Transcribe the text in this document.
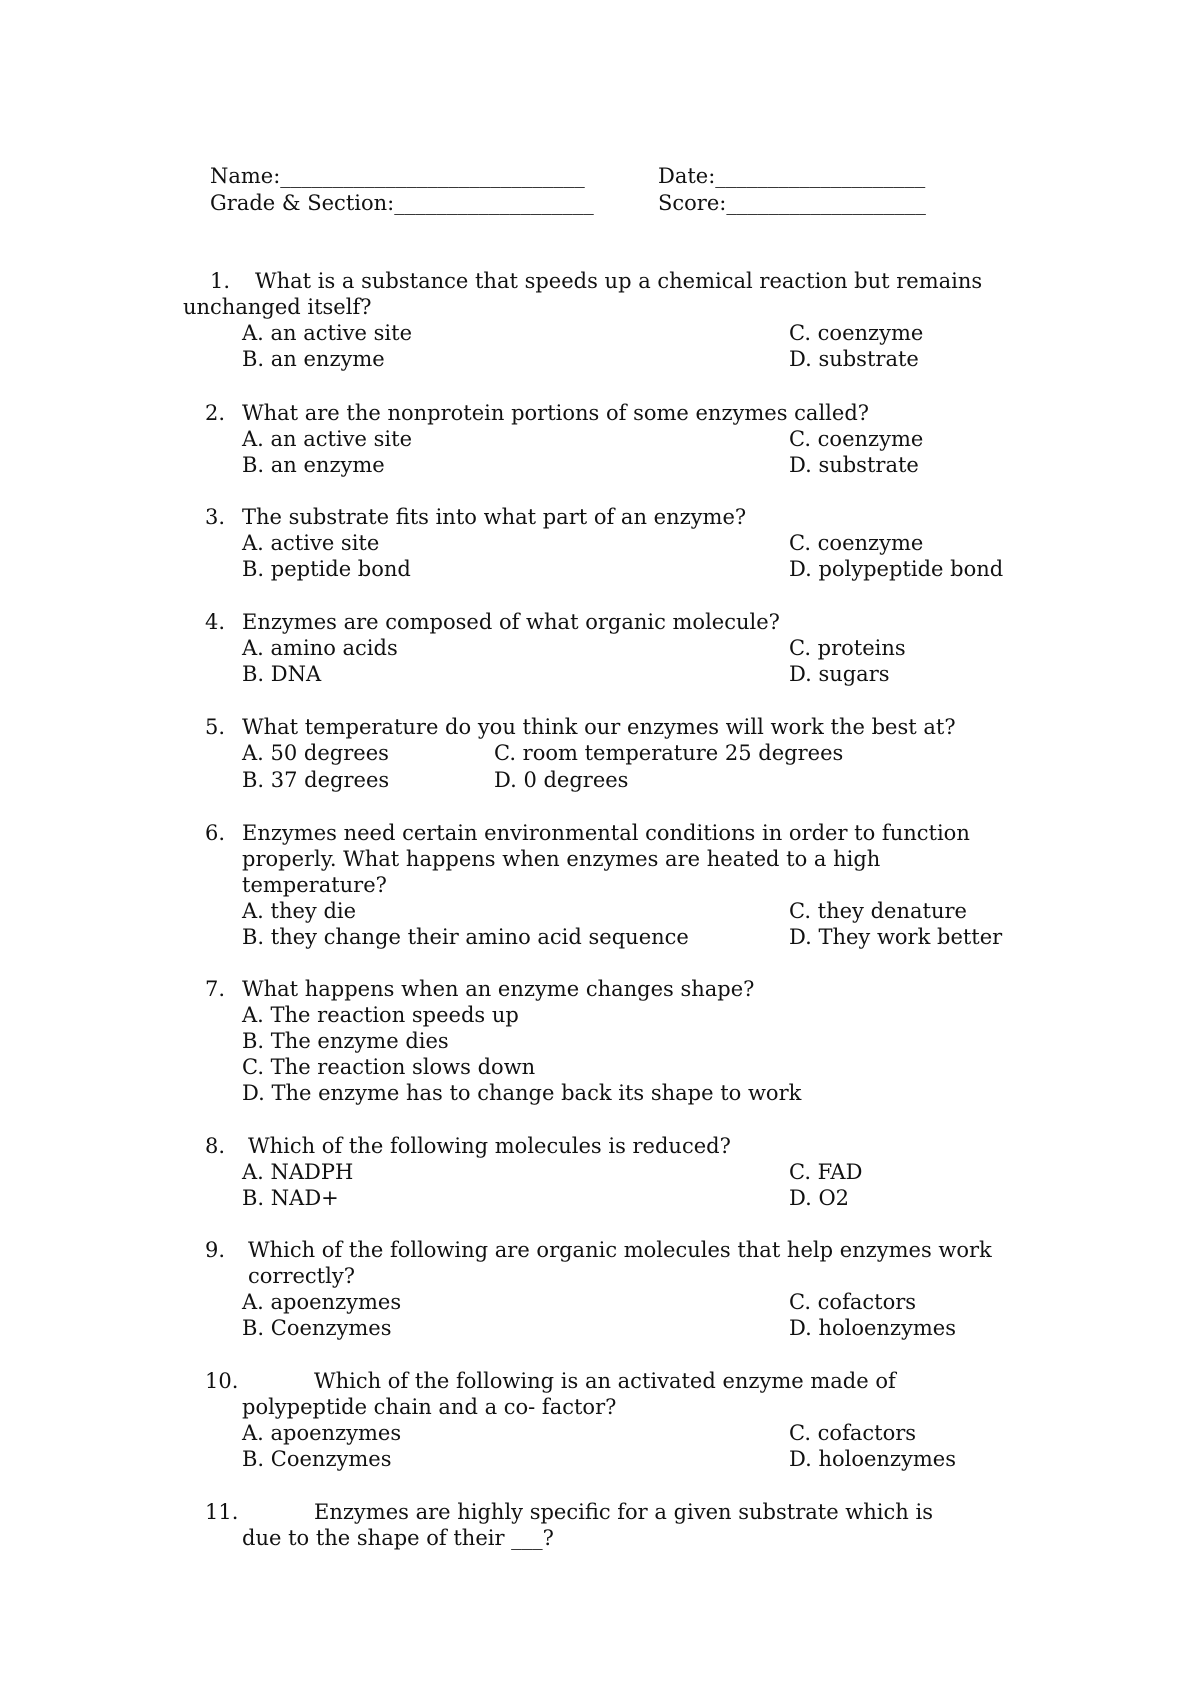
Name:_____________________________	Date:____________________
Grade & Section:___________________	Score:___________________
1. What is a substance that speeds up a chemical reaction but remains
unchanged itself?
A. an active site
B. an enzyme
C. coenzyme
D. substrate
2. What are the nonprotein portions of some enzymes called?
A. an active site
B. an enzyme
C. coenzyme
D. substrate
3. The substrate fits into what part of an enzyme?
A. active site
B. peptide bond
C. coenzyme
D. polypeptide bond
4. Enzymes are composed of what organic molecule?
A. amino acids
B. DNA
C. proteins
D. sugars
5. What temperature do you think our enzymes will work the best at?
A. 50 degrees
B. 37 degrees
C. room temperature 25 degrees
D. 0 degrees
6. Enzymes need certain environmental conditions in order to function
properly. What happens when enzymes are heated to a high
temperature?
A. they die
B. they change their amino acid sequence
C. they denature
D. They work better
7. What happens when an enzyme changes shape?
A. The reaction speeds up
B. The enzyme dies
C. The reaction slows down
D. The enzyme has to change back its shape to work
8. Which of the following molecules is reduced?
A. NADPH
B. NAD+
C. FAD
D. O2
9. Which of the following are organic molecules that help enzymes work
correctly?
A. apoenzymes
B. Coenzymes
C. cofactors
D. holoenzymes
10.	Which of the following is an activated enzyme made of
polypeptide chain and a co- factor?
A. apoenzymes
B. Coenzymes
C. cofactors
D. holoenzymes
11.	Enzymes are highly specific for a given substrate which is
due to the shape of their ___?
